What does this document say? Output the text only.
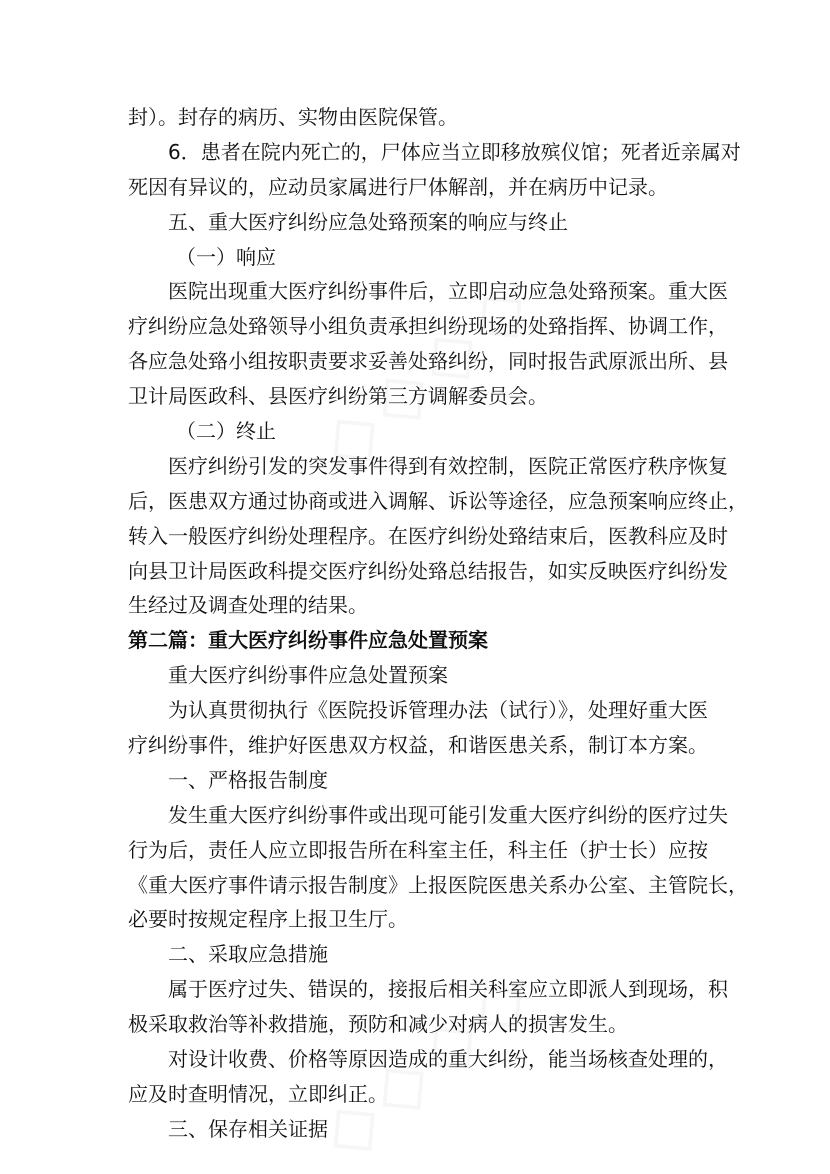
封）。封存的病历、实物由医院保管。
6．患者在院内死亡的，尸体应当立即移放殡仪馆；死者近亲属对
死因有异议的，应动员家属进行尸体解剖，并在病历中记录。
五、重大医疗纠纷应急处臵预案的响应与终止
（一）响应
医院出现重大医疗纠纷事件后，立即启动应急处臵预案。重大医
疗纠纷应急处臵领导小组负责承担纠纷现场的处臵指挥、协调工作，
各应急处臵小组按职责要求妥善处臵纠纷，同时报告武原派出所、县
卫计局医政科、县医疗纠纷第三方调解委员会。
（二）终止
医疗纠纷引发的突发事件得到有效控制，医院正常医疗秩序恢复
后，医患双方通过协商或进入调解、诉讼等途径，应急预案响应终止，
转入一般医疗纠纷处理程序。在医疗纠纷处臵结束后，医教科应及时
向县卫计局医政科提交医疗纠纷处臵总结报告，如实反映医疗纠纷发
生经过及调查处理的结果。
第二篇：重大医疗纠纷事件应急处置预案
重大医疗纠纷事件应急处置预案
为认真贯彻执行《医院投诉管理办法（试行）》，处理好重大医
疗纠纷事件，维护好医患双方权益，和谐医患关系，制订本方案。
一、严格报告制度
发生重大医疗纠纷事件或出现可能引发重大医疗纠纷的医疗过失
行为后，责任人应立即报告所在科室主任，科主任（护士长）应按
《重大医疗事件请示报告制度》上报医院医患关系办公室、主管院长，
必要时按规定程序上报卫生厅。
二、采取应急措施
属于医疗过失、错误的，接报后相关科室应立即派人到现场，积
极采取救治等补救措施，预防和减少对病人的损害发生。
对设计收费、价格等原因造成的重大纠纷，能当场核查处理的，
应及时查明情况，立即纠正。
三、保存相关证据
